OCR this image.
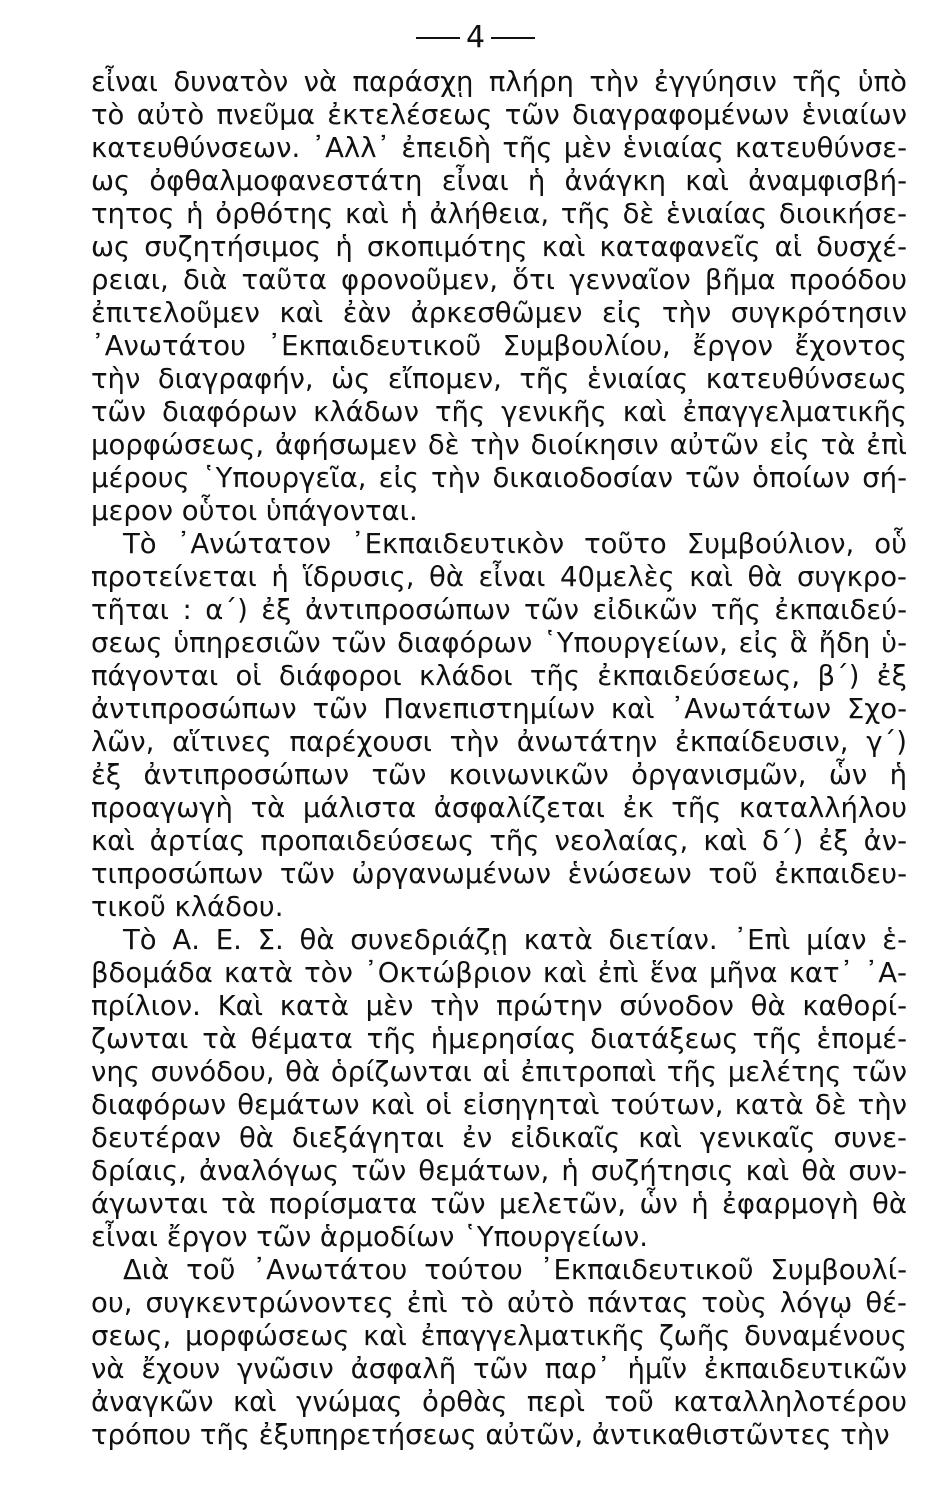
4
εἶναι δυνατὸν νὰ παράσχῃ πλήρη τὴν ἐγγύησιν τῆς ὑπὸ
τὸ αὐτὸ πνεῦμα ἐκτελέσεως τῶν διαγραφομένων ἑνιαίων
κατευθύνσεων. ᾿Αλλ᾿ ἐπειδὴ τῆς μὲν ἑνιαίας κατευθύνσε-
ως ὀφθαλμοφανεστάτη εἶναι ἡ ἀνάγκη καὶ ἀναμφισβή-
τητος ἡ ὀρθότης καὶ ἡ ἀλήθεια, τῆς δὲ ἑνιαίας διοικήσε-
ως συζητήσιμος ἡ σκοπιμότης καὶ καταφανεῖς αἱ δυσχέ-
ρειαι, διὰ ταῦτα φρονοῦμεν, ὅτι γενναῖον βῆμα προόδου
ἐπιτελοῦμεν καὶ ἐὰν ἀρκεσθῶμεν εἰς τὴν συγκρότησιν
᾿Ανωτάτου ᾿Εκπαιδευτικοῦ Συμβουλίου, ἔργον ἔχοντος
τὴν διαγραφήν, ὡς εἴπομεν, τῆς ἑνιαίας κατευθύνσεως
τῶν διαφόρων κλάδων τῆς γενικῆς καὶ ἐπαγγελματικῆς
μορφώσεως, ἀφήσωμεν δὲ τὴν διοίκησιν αὐτῶν εἰς τὰ ἐπὶ
μέρους ῾Υπουργεῖα, εἰς τὴν δικαιοδοσίαν τῶν ὁποίων σή-
μερον οὗτοι ὑπάγονται.
Τὸ ᾿Ανώτατον ᾿Εκπαιδευτικὸν τοῦτο Συμβούλιον, οὗ
προτείνεται ἡ ἵδρυσις, θὰ εἶναι 40μελὲς καὶ θὰ συγκρο-
τῆται : α΄) ἐξ ἀντιπροσώπων τῶν εἰδικῶν τῆς ἐκπαιδεύ-
σεως ὑπηρεσιῶν τῶν διαφόρων ῾Υπουργείων, εἰς ἃ ἤδη ὑ-
πάγονται οἱ διάφοροι κλάδοι τῆς ἐκπαιδεύσεως, β΄) ἐξ
ἀντιπροσώπων τῶν Πανεπιστημίων καὶ ᾿Ανωτάτων Σχο-
λῶν, αἵτινες παρέχουσι τὴν ἀνωτάτην ἐκπαίδευσιν, γ΄)
ἐξ ἀντιπροσώπων τῶν κοινωνικῶν ὀργανισμῶν, ὧν ἡ
προαγωγὴ τὰ μάλιστα ἀσφαλίζεται ἐκ τῆς καταλλήλου
καὶ ἀρτίας προπαιδεύσεως τῆς νεολαίας, καὶ δ΄) ἐξ ἀν-
τιπροσώπων τῶν ὠργανωμένων ἑνώσεων τοῦ ἐκπαιδευ-
τικοῦ κλάδου.
Τὸ Α. Ε. Σ. θὰ συνεδριάζῃ κατὰ διετίαν. ᾿Επὶ μίαν ἑ-
βδομάδα κατὰ τὸν ᾿Οκτώβριον καὶ ἐπὶ ἕνα μῆνα κατ᾿ ᾿Α-
πρίλιον. Καὶ κατὰ μὲν τὴν πρώτην σύνοδον θὰ καθορί-
ζωνται τὰ θέματα τῆς ἡμερησίας διατάξεως τῆς ἑπομέ-
νης συνόδου, θὰ ὁρίζωνται αἱ ἐπιτροπαὶ τῆς μελέτης τῶν
διαφόρων θεμάτων καὶ οἱ εἰσηγηταὶ τούτων, κατὰ δὲ τὴν
δευτέραν θὰ διεξάγηται ἐν εἰδικαῖς καὶ γενικαῖς συνε-
δρίαις, ἀναλόγως τῶν θεμάτων, ἡ συζήτησις καὶ θὰ συν-
άγωνται τὰ πορίσματα τῶν μελετῶν, ὧν ἡ ἐφαρμογὴ θὰ
εἶναι ἔργον τῶν ἁρμοδίων ῾Υπουργείων.
Διὰ τοῦ ᾿Ανωτάτου τούτου ᾿Εκπαιδευτικοῦ Συμβουλί-
ου, συγκεντρώνοντες ἐπὶ τὸ αὐτὸ πάντας τοὺς λόγῳ θέ-
σεως, μορφώσεως καὶ ἐπαγγελματικῆς ζωῆς δυναμένους
νὰ ἔχουν γνῶσιν ἀσφαλῆ τῶν παρ᾿ ἡμῖν ἐκπαιδευτικῶν
ἀναγκῶν καὶ γνώμας ὀρθὰς περὶ τοῦ καταλληλοτέρου
τρόπου τῆς ἐξυπηρετήσεως αὐτῶν, ἀντικαθιστῶντες τὴν
